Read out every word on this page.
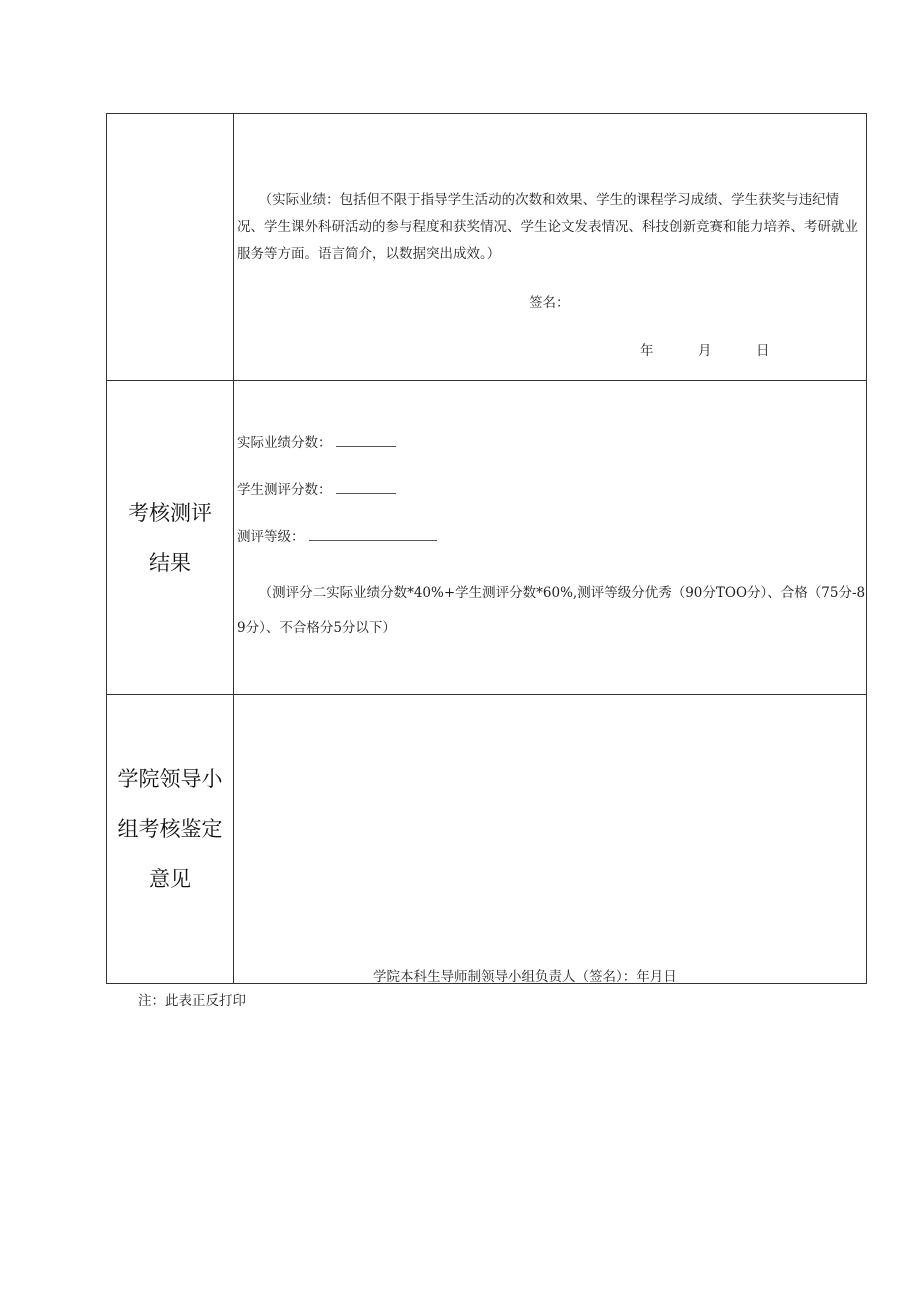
（实际业绩：包括但不限于指导学生活动的次数和效果、学生的课程学习成绩、学生获奖与违纪情况、学生课外科研活动的参与程度和获奖情况、学生论文发表情况、科技创新竞赛和能力培养、考研就业服务等方面。语言简介，以数据突出成效。）
签名：
年	月	日
考核测评
结果
实际业绩分数：
学生测评分数：
测评等级：
（测评分二实际业绩分数*40%+学生测评分数*60%,测评等级分优秀（90分TOO分）、合格（75分-89分）、不合格分5分以下）
学院领导小
组考核鉴定
意见
学院本科生导师制领导小组负责人（签名）：年月日
注：此表正反打印
